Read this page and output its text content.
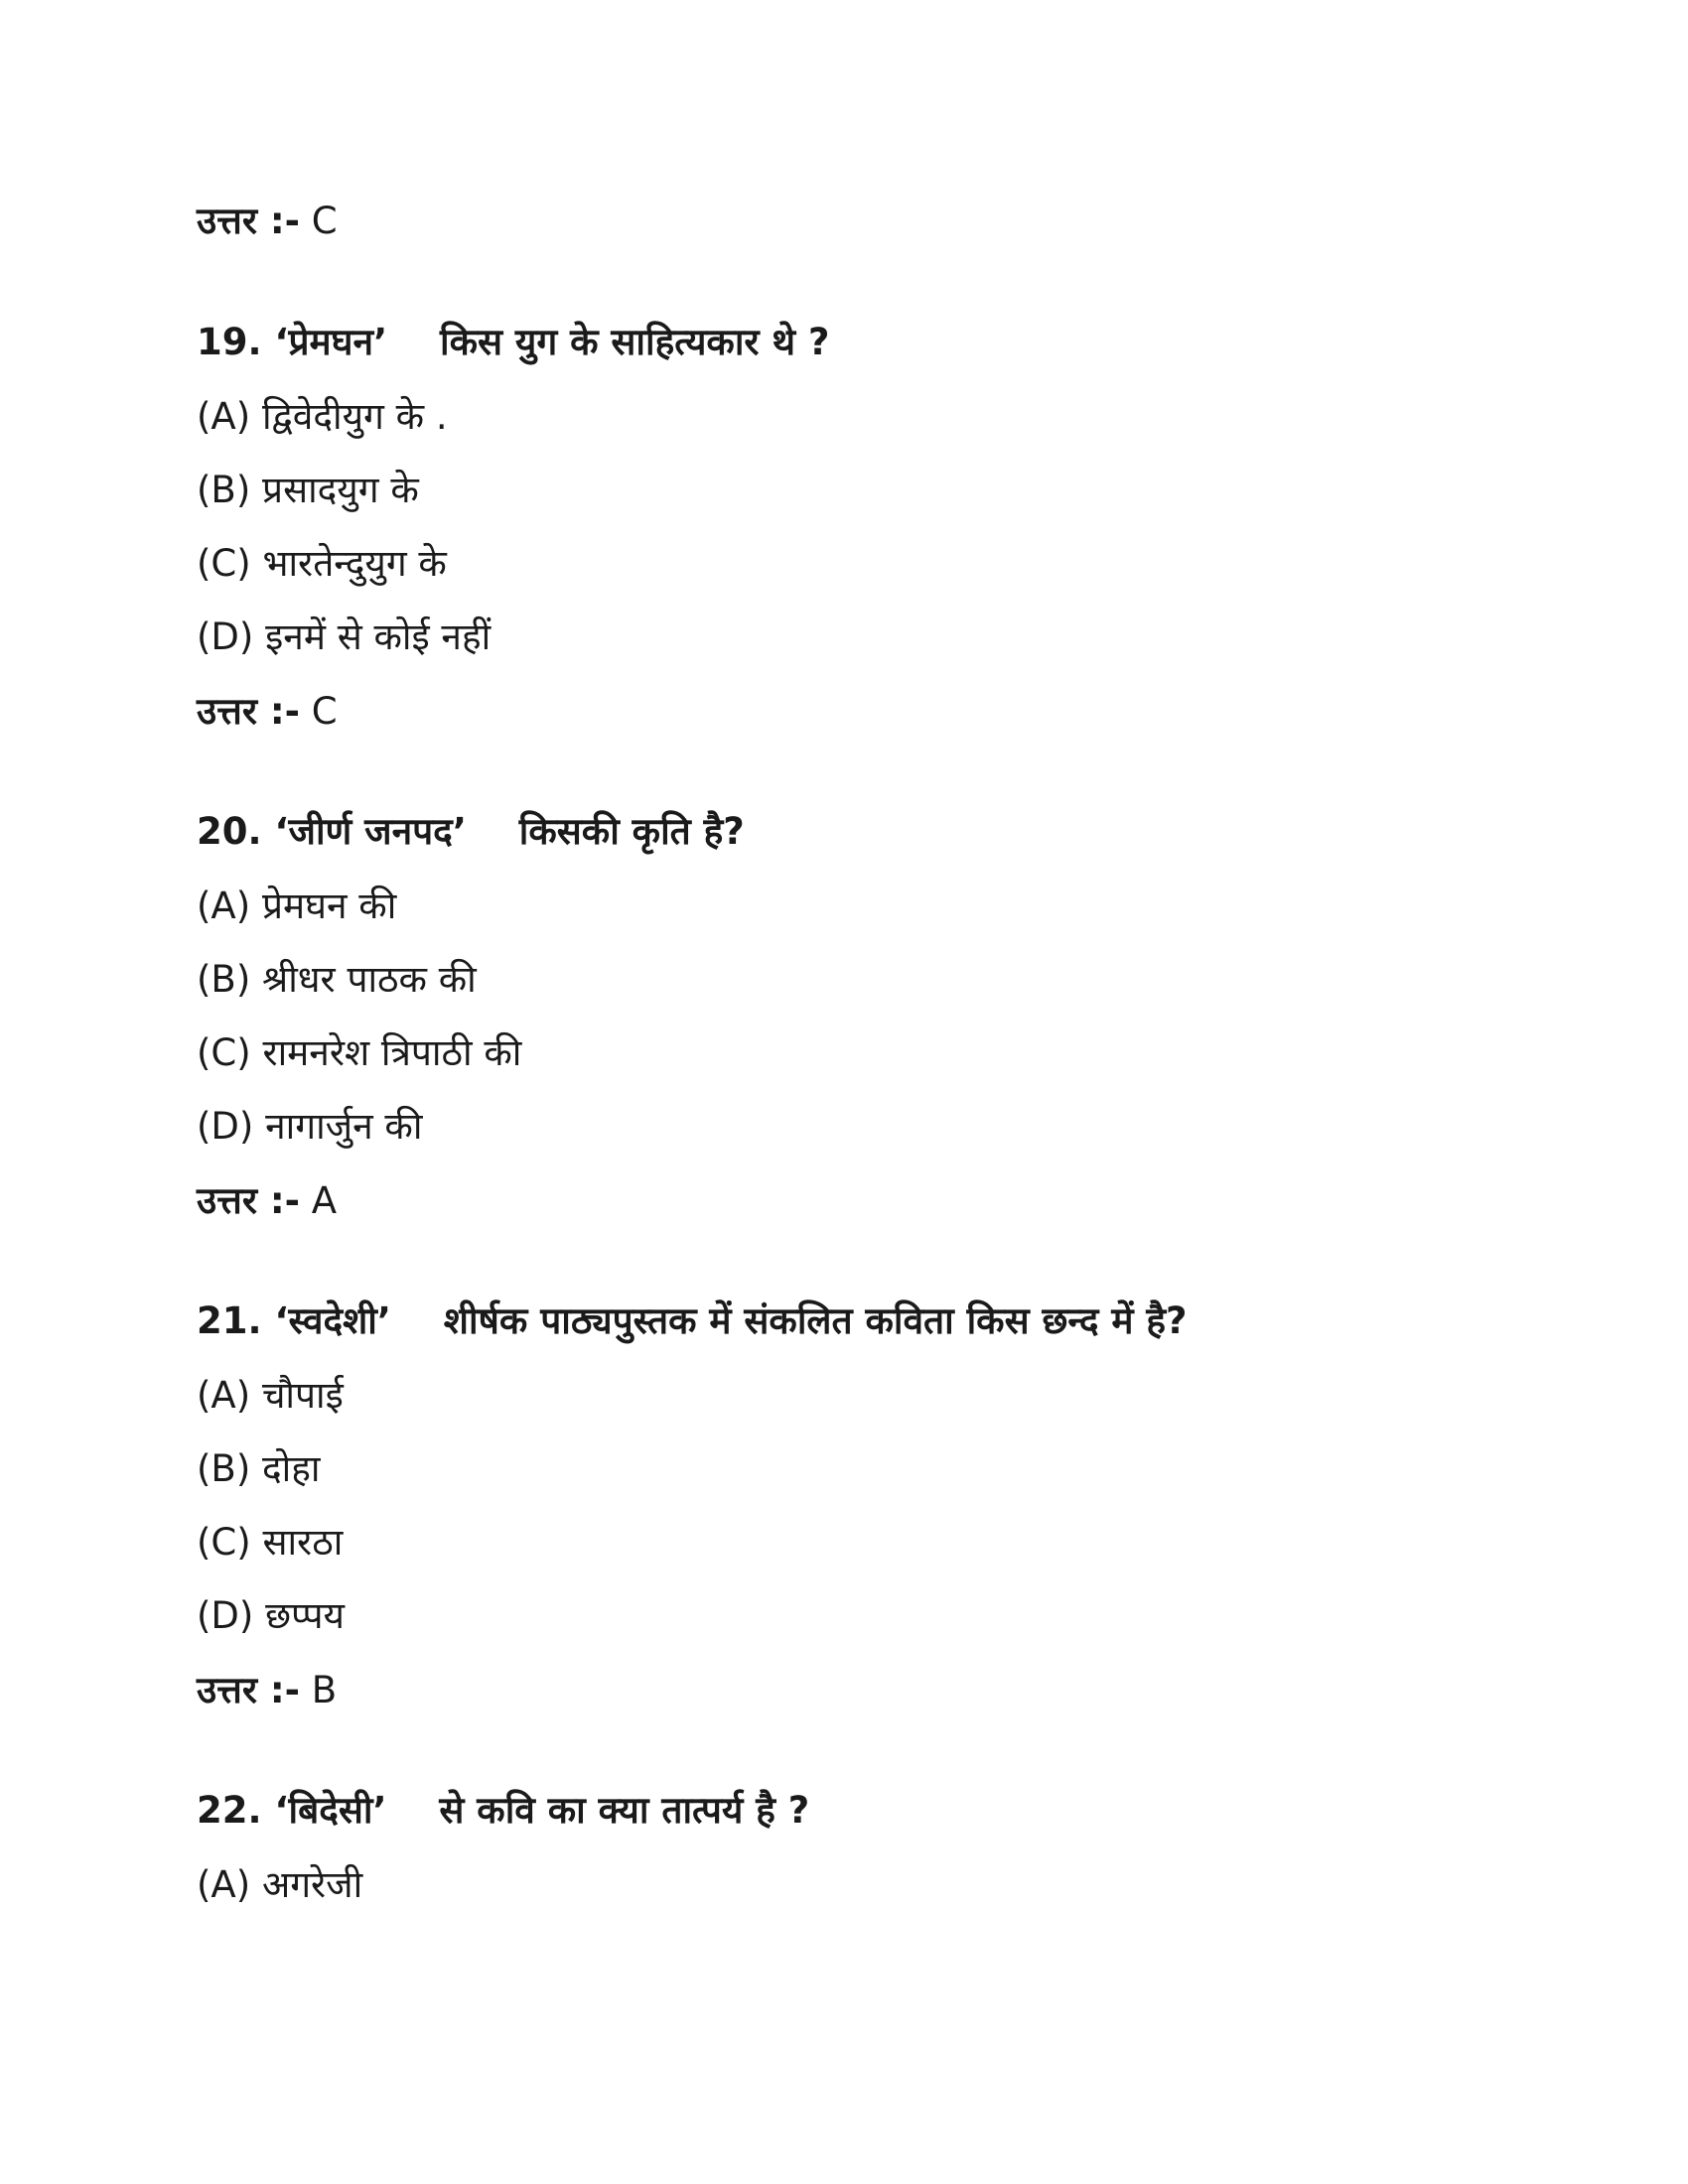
उत्तर :- C
19. ‘प्रेमघन’ किस युग के साहित्यकार थे ?
(A) द्विवेदीयुग के .
(B) प्रसादयुग के
(C) भारतेन्दुयुग के
(D) इनमें से कोई नहीं
उत्तर :- C
20. ‘जीर्ण जनपद’ किसकी कृति है?
(A) प्रेमघन की
(B) श्रीधर पाठक की
(C) रामनरेश त्रिपाठी की
(D) नागार्जुन की
उत्तर :- A
21. ‘स्वदेशी’ शीर्षक पाठ्यपुस्तक में संकलित कविता किस छन्द में है?
(A) चौपाई
(B) दोहा
(C) सारठा
(D) छप्पय
उत्तर :- B
22. ‘बिदेसी’ से कवि का क्या तात्पर्य है ?
(A) अगरेजी
